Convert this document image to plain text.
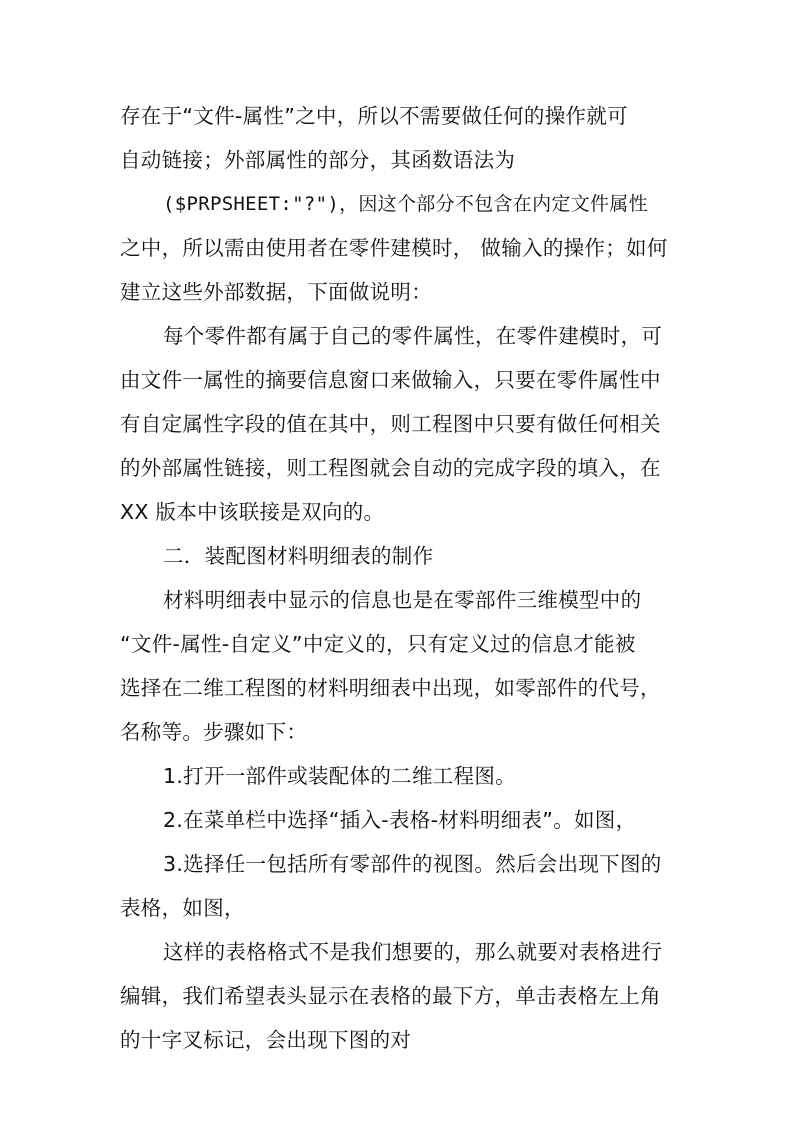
存在于“文件-属性”之中，所以不需要做任何的操作就可
自动链接；外部属性的部分，其函数语法为
($PRPSHEET:"?")，因这个部分不包含在内定文件属性
之中，所以需由使用者在零件建模时， 做输入的操作；如何
建立这些外部数据，下面做说明：
每个零件都有属于自己的零件属性，在零件建模时，可
由文件一属性的摘要信息窗口来做输入，只要在零件属性中
有自定属性字段的值在其中，则工程图中只要有做任何相关
的外部属性链接，则工程图就会自动的完成字段的填入，在
XX 版本中该联接是双向的。
二．装配图材料明细表的制作
材料明细表中显示的信息也是在零部件三维模型中的
“文件-属性-自定义”中定义的，只有定义过的信息才能被
选择在二维工程图的材料明细表中出现，如零部件的代号，
名称等。步骤如下：
1.打开一部件或装配体的二维工程图。
2.在菜单栏中选择“插入-表格-材料明细表”。如图，
3.选择任一包括所有零部件的视图。然后会出现下图的
表格，如图，
这样的表格格式不是我们想要的，那么就要对表格进行
编辑，我们希望表头显示在表格的最下方，单击表格左上角
的十字叉标记，会出现下图的对
